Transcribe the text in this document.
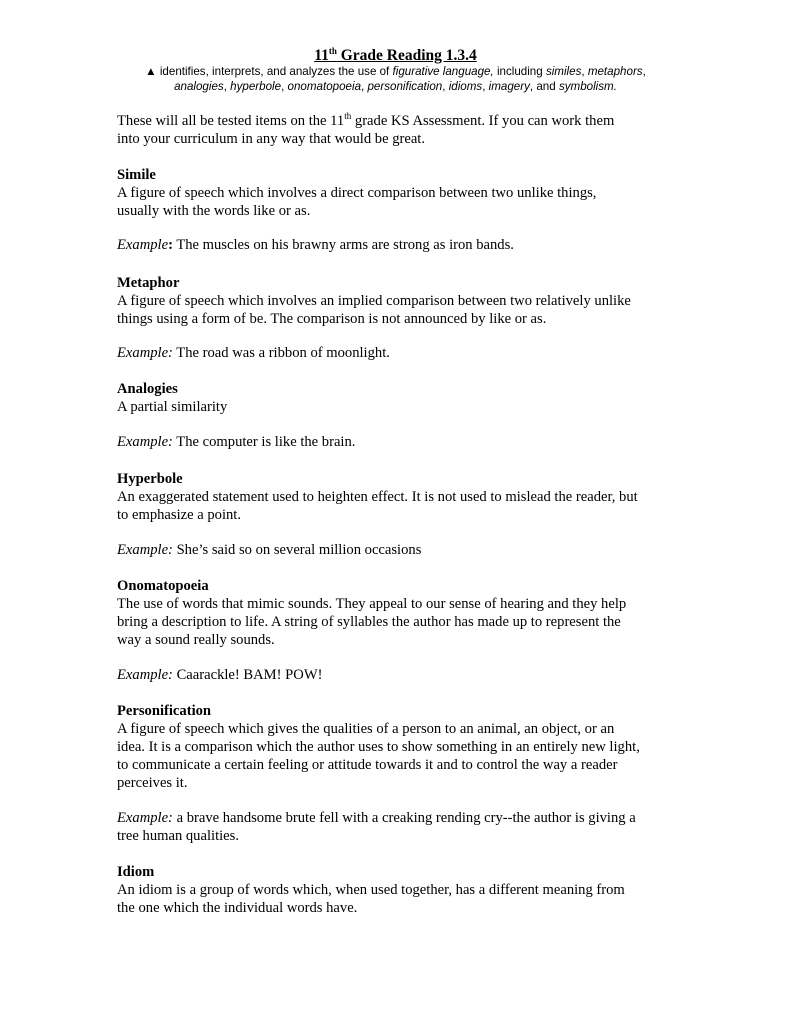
11th Grade Reading 1.3.4
▲ identifies, interprets, and analyzes the use of figurative language, including similes, metaphors,
analogies, hyperbole, onomatopoeia, personification, idioms, imagery, and symbolism.

These will all be tested items on the 11th grade KS Assessment. If you can work them

into your curriculum in any way that would be great.

Simile

A figure of speech which involves a direct comparison between two unlike things,

usually with the words like or as.

Example: The muscles on his brawny arms are strong as iron bands.

Metaphor

A figure of speech which involves an implied comparison between two relatively unlike

things using a form of be. The comparison is not announced by like or as.

Example: The road was a ribbon of moonlight.

Analogies

A partial similarity

Example: The computer is like the brain.

Hyperbole

An exaggerated statement used to heighten effect. It is not used to mislead the reader, but

to emphasize a point.

Example: She’s said so on several million occasions

Onomatopoeia

The use of words that mimic sounds. They appeal to our sense of hearing and they help

bring a description to life. A string of syllables the author has made up to represent the

way a sound really sounds.

Example: Caarackle! BAM! POW!

Personification

A figure of speech which gives the qualities of a person to an animal, an object, or an

idea. It is a comparison which the author uses to show something in an entirely new light,

to communicate a certain feeling or attitude towards it and to control the way a reader

perceives it.

Example: a brave handsome brute fell with a creaking rending cry--the author is giving a

tree human qualities.

Idiom

An idiom is a group of words which, when used together, has a different meaning from

the one which the individual words have.
